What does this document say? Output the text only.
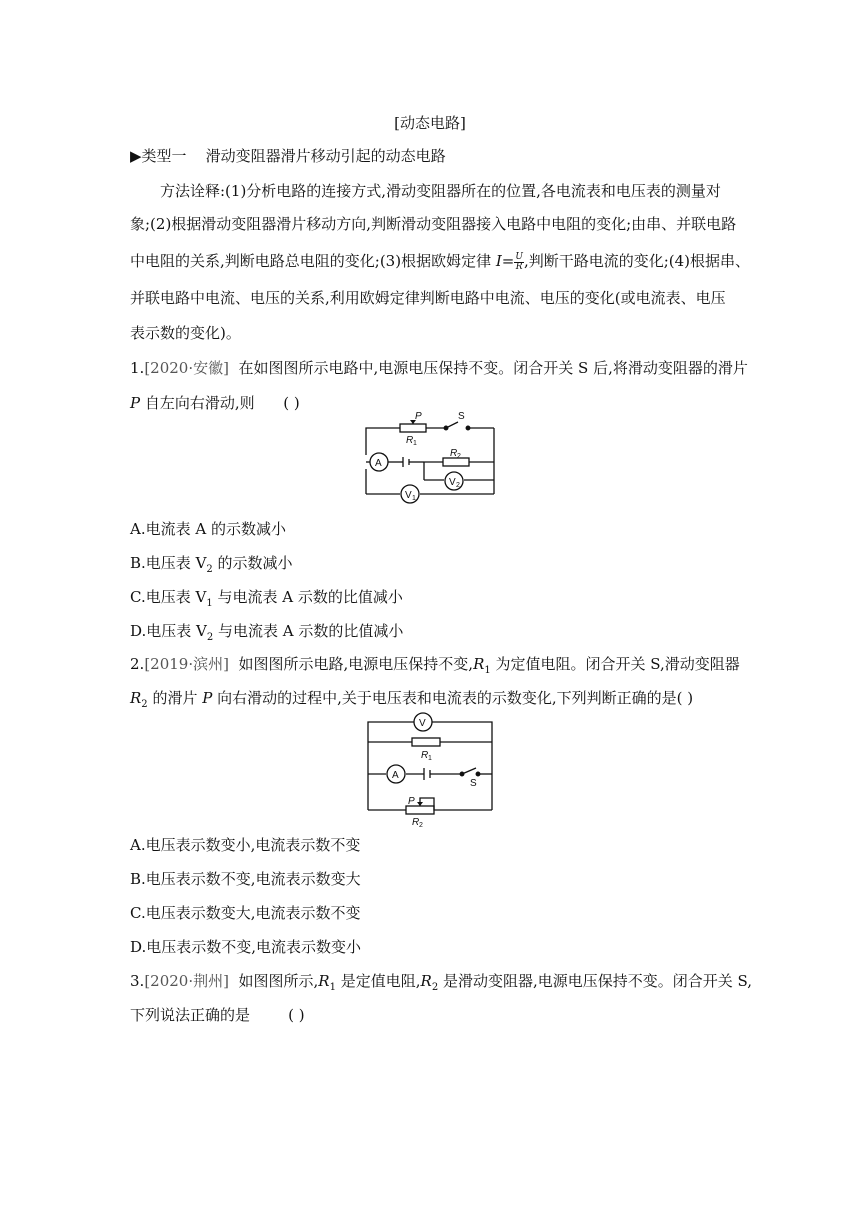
[动态电路]
▶类型一 滑动变阻器滑片移动引起的动态电路
方法诠释:(1)分析电路的连接方式,滑动变阻器所在的位置,各电流表和电压表的测量对
象;(2)根据滑动变阻器滑片移动方向,判断滑动变阻器接入电路中电阻的变化;由串、并联电路
中电阻的关系,判断电路总电阻的变化;(3)根据欧姆定律 $I= \frac{U}{R}$ ,判断干路电流的变化;(4)根据串、
并联电路中电流、电压的关系,利用欧姆定律判断电路中电流、电压的变化(或电流表、电压
表示数的变化)。
1.[2020·安徽] 在如图图所示电路中,电源电压保持不变。闭合开关 S 后,将滑动变阻器的滑片
P 自左向右滑动,则 ( )
P	S
R 1
R 2
A
V 2
V 1
A.电流表 A 的示数减小
B.电压表 $V_2$ 的示数减小
C.电压表 $V_1$ 与电流表 A 示数的比值减小
D.电压表 $V_2$ 与电流表 A 示数的比值减小
2.[2019·滨州] 如图图所示电路,电源电压保持不变$,R_1$ 为定值电阻。闭合开关 S,滑动变阻器
$R_2$ 的滑片 P 向右滑动的过程中,关于电压表和电流表的示数变化,下列判断正确的是( )
V
R 1
A
S
P
R 2
A.电压表示数变小,电流表示数不变
B.电压表示数不变,电流表示数变大
C.电压表示数变大,电流表示数不变
D.电压表示数不变,电流表示数变小
3.[2020·荆州] 如图图所示$,R_1$ 是定值电阻$,R_2$ 是滑动变阻器,电源电压保持不变。闭合开关 S,
下列说法正确的是	( )
